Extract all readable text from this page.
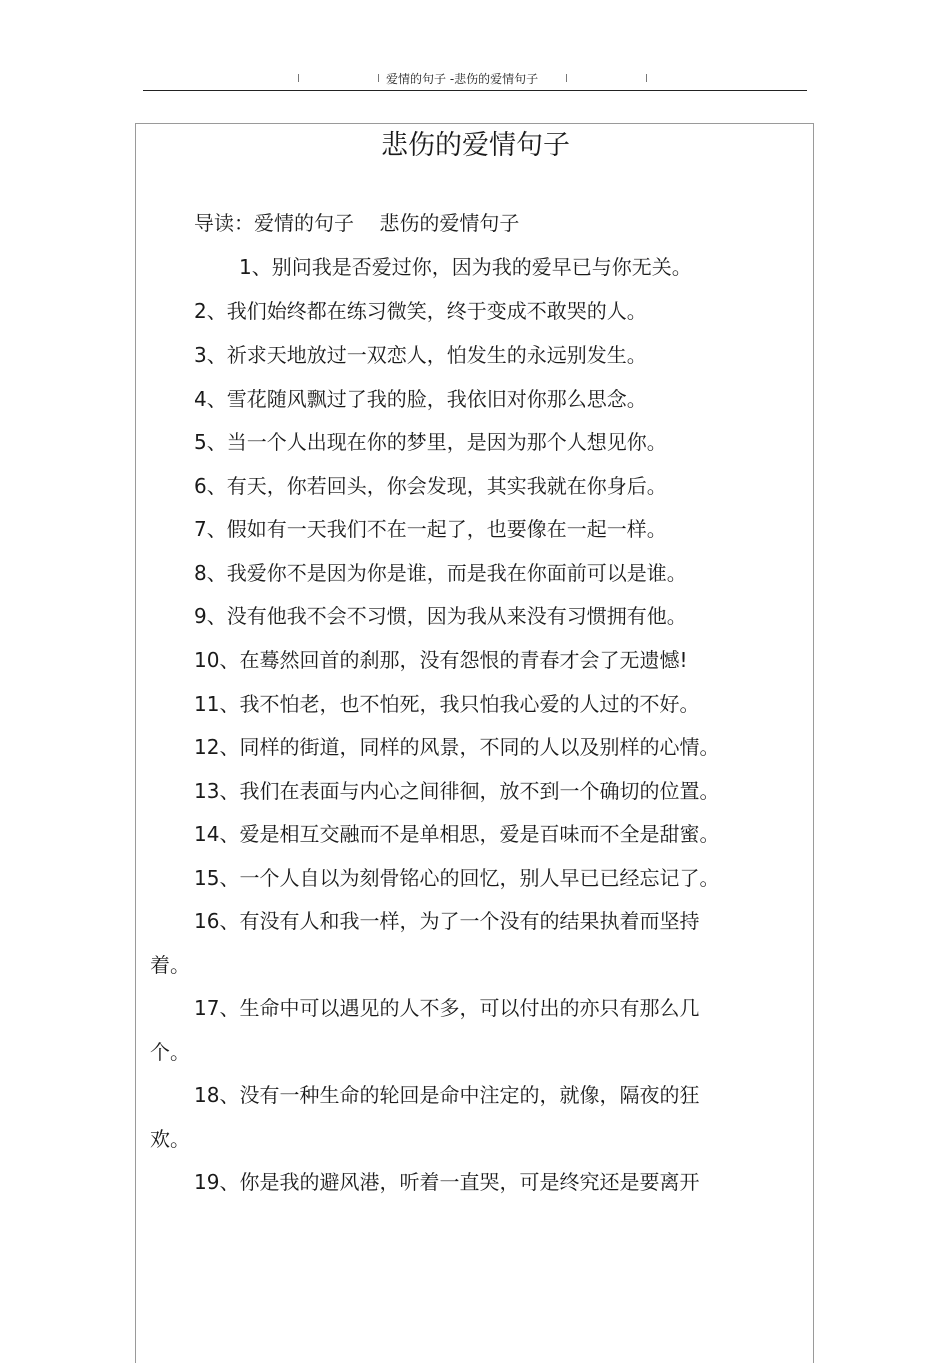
爱情的句子 -悲伤的爱情句子
悲伤的爱情句子
导读：爱情的句子    悲伤的爱情句子
1、别问我是否爱过你，因为我的爱早已与你无关。
2、我们始终都在练习微笑，终于变成不敢哭的人。
3、祈求天地放过一双恋人，怕发生的永远别发生。
4、雪花随风飘过了我的脸，我依旧对你那么思念。
5、当一个人出现在你的梦里，是因为那个人想见你。
6、有天，你若回头，你会发现，其实我就在你身后。
7、假如有一天我们不在一起了，也要像在一起一样。
8、我爱你不是因为你是谁，而是我在你面前可以是谁。
9、没有他我不会不习惯，因为我从来没有习惯拥有他。
10、在蓦然回首的刹那，没有怨恨的青春才会了无遗憾!
11、我不怕老，也不怕死，我只怕我心爱的人过的不好。
12、同样的街道，同样的风景，不同的人以及别样的心情。
13、我们在表面与内心之间徘徊，放不到一个确切的位置。
14、爱是相互交融而不是单相思，爱是百味而不全是甜蜜。
15、一个人自以为刻骨铭心的回忆，别人早已已经忘记了。
16、有没有人和我一样，为了一个没有的结果执着而坚持
着。
17、生命中可以遇见的人不多，可以付出的亦只有那么几
个。
18、没有一种生命的轮回是命中注定的，就像，隔夜的狂
欢。
19、你是我的避风港，听着一直哭，可是终究还是要离开
